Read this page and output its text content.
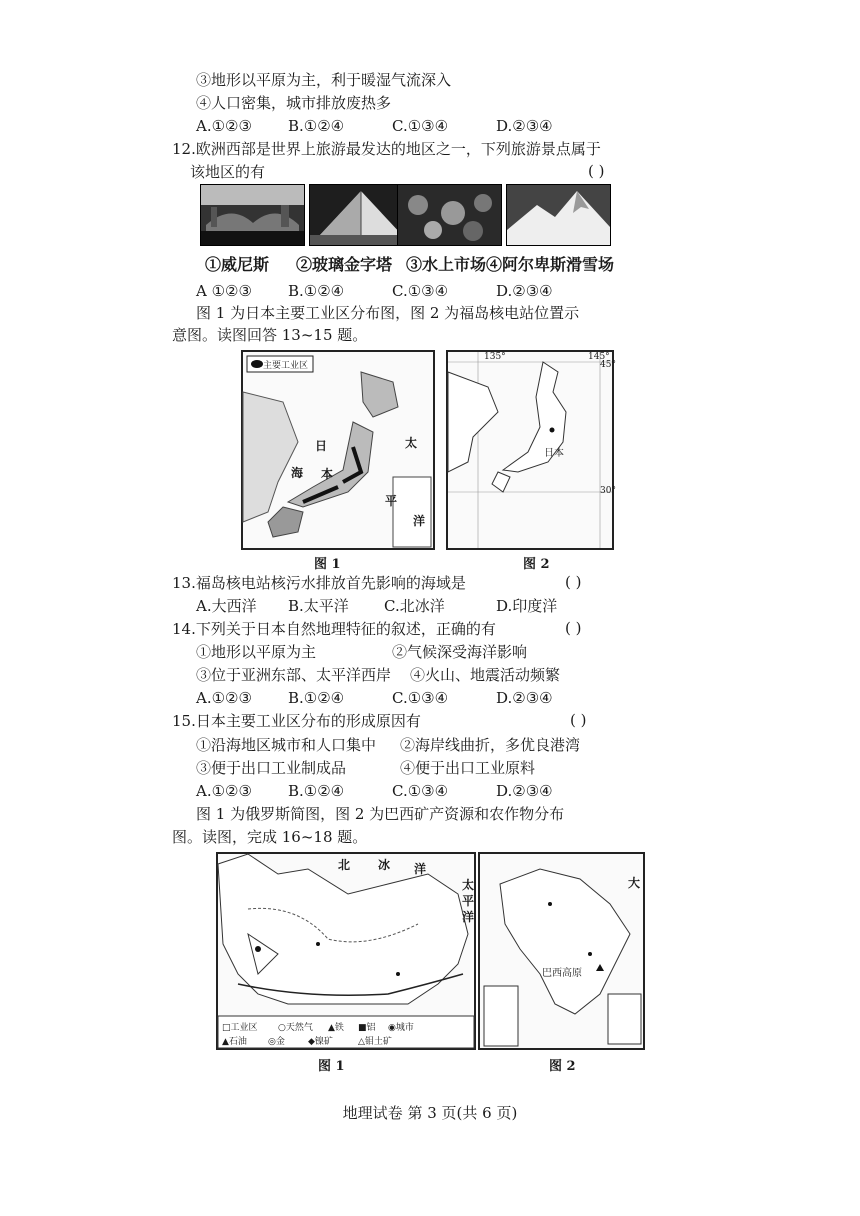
③地形以平原为主，利于暖湿气流深入
④人口密集，城市排放废热多
A.①②③ B.①②④	C.①③④	D.②③④
12.欧洲西部是世界上旅游最发达的地区之一，下列旅游景点属于
该地区的有	( )
①威尼斯 ②玻璃金字塔 ③水上市场 ④阿尔卑斯滑雪场
A ①②③ B.①②④	C.①③④	D.②③④
图 1 为日本主要工业区分布图，图 2 为福岛核电站位置示
意图。读图回答 13~15 题。
主要工业区
日
本
海
太
平
洋
图 1
135°	145°
45°
30°
日本
图 2
13.福岛核电站核污水排放首先影响的海域是	( )
A.大西洋 B.太平洋 C.北冰洋	D.印度洋
14.下列关于日本自然地理特征的叙述，正确的有	( )
①地形以平原为主	②气候深受海洋影响
③位于亚洲东部、太平洋西岸 ④火山、地震活动频繁
A.①②③ B.①②④	C.①③④	D.②③④
15.日本主要工业区分布的形成原因有	( )
①沿海地区城市和人口集中 ②海岸线曲折，多优良港湾
③便于出口工业制成品	④便于出口工业原料
A.①②③ B.①②④	C.①③④	D.②③④
图 1 为俄罗斯简图，图 2 为巴西矿产资源和农作物分布
图。读图，完成 16~18 题。
北 冰 洋
太
平
洋
□工业区 ○天然气 ▲铁 ■铝 ◉城市
▲石油 ◎金	◆镍矿	△钼土矿
图 1
巴西高原
大
图 2
地理试卷 第 3 页(共 6 页)
